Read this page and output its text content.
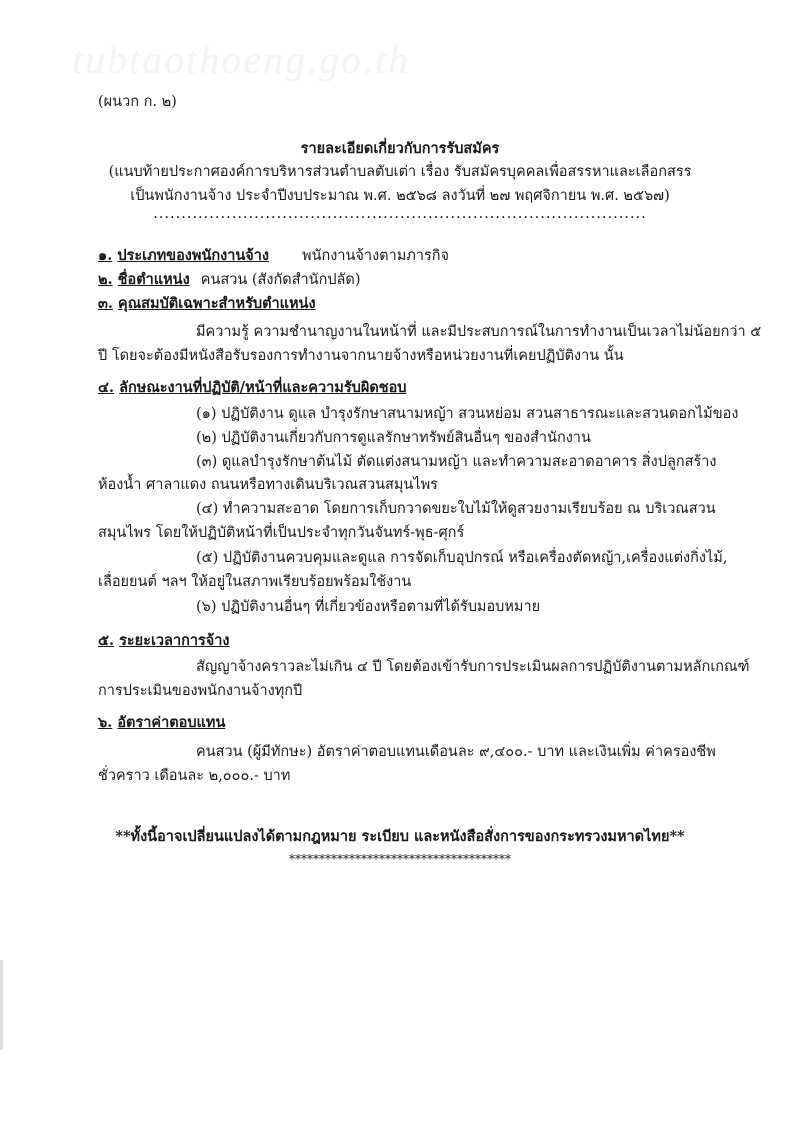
tubtaothoeng.go.th
(ผนวก ก. ๒)
รายละเอียดเกี่ยวกับการรับสมัคร
(แนบท้ายประกาศองค์การบริหารส่วนตำบลตับเต่า เรื่อง รับสมัครบุคคลเพื่อสรรหาและเลือกสรร
เป็นพนักงานจ้าง ประจำปีงบประมาณ พ.ศ. ๒๕๖๘ ลงวันที่ ๒๗ พฤศจิกายน พ.ศ. ๒๕๖๗)
........................................................................................
๑. ประเภทของพนักงานจ้าง พนักงานจ้างตามภารกิจ
๒. ชื่อตำแหน่ง คนสวน (สังกัดสำนักปลัด)
๓. คุณสมบัติเฉพาะสำหรับตำแหน่ง
มีความรู้ ความชำนาญงานในหน้าที่ และมีประสบการณ์ในการทำงานเป็นเวลาไม่น้อยกว่า ๕
ปี โดยจะต้องมีหนังสือรับรองการทำงานจากนายจ้างหรือหน่วยงานที่เคยปฏิบัติงาน นั้น
๔. ลักษณะงานที่ปฏิบัติ/หน้าที่และความรับผิดชอบ
(๑) ปฏิบัติงาน ดูแล บำรุงรักษาสนามหญ้า สวนหย่อม สวนสาธารณะและสวนดอกไม้ของ
(๒) ปฏิบัติงานเกี่ยวกับการดูแลรักษาทรัพย์สินอื่นๆ ของสำนักงาน
(๓) ดูแลบำรุงรักษาต้นไม้ ตัดแต่งสนามหญ้า และทำความสะอาดอาคาร สิ่งปลูกสร้าง
ห้องน้ำ ศาลาแดง ถนนหรือทางเดินบริเวณสวนสมุนไพร
(๔) ทำความสะอาด โดยการเก็บกวาดขยะใบไม้ให้ดูสวยงามเรียบร้อย ณ บริเวณสวน
สมุนไพร โดยให้ปฏิบัติหน้าที่เป็นประจำทุกวันจันทร์-พุธ-ศุกร์
(๕) ปฏิบัติงานควบคุมและดูแล การจัดเก็บอุปกรณ์ หรือเครื่องตัดหญ้า,เครื่องแต่งกิ่งไม้,
เลื่อยยนต์ ฯลฯ ให้อยู่ในสภาพเรียบร้อยพร้อมใช้งาน
(๖) ปฏิบัติงานอื่นๆ ที่เกี่ยวข้องหรือตามที่ได้รับมอบหมาย
๕. ระยะเวลาการจ้าง
สัญญาจ้างคราวละไม่เกิน ๔ ปี โดยต้องเข้ารับการประเมินผลการปฏิบัติงานตามหลักเกณฑ์
การประเมินของพนักงานจ้างทุกปี
๖. อัตราค่าตอบแทน
คนสวน (ผู้มีทักษะ) อัตราค่าตอบแทนเดือนละ ๙,๔๐๐.- บาท และเงินเพิ่ม ค่าครองชีพ
ชั่วคราว เดือนละ ๒,๐๐๐.- บาท
**ทั้งนี้อาจเปลี่ยนแปลงได้ตามกฎหมาย ระเบียบ และหนังสือสั่งการของกระทรวงมหาดไทย**
*************************************
